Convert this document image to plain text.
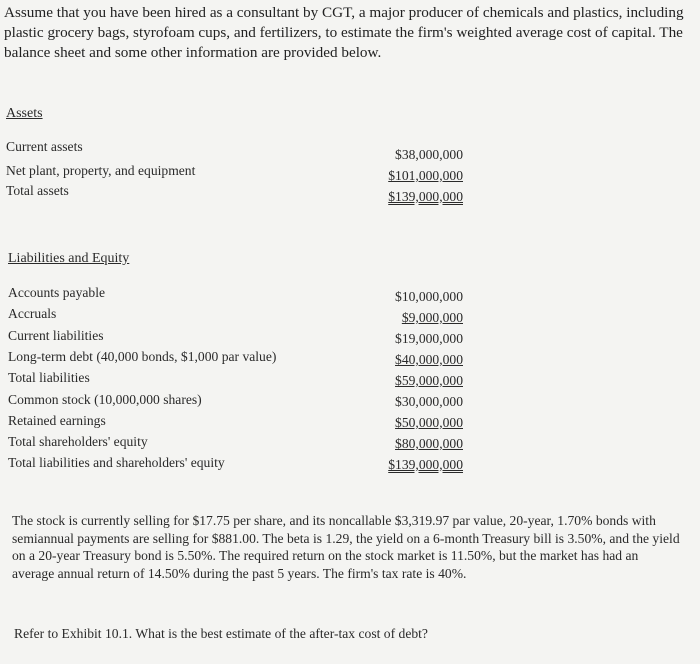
Assume that you have been hired as a consultant by CGT, a major producer of chemicals and plastics, including plastic grocery bags, styrofoam cups, and fertilizers, to estimate the firm's weighted average cost of capital. The balance sheet and some other information are provided below.
Assets
Current assets
Net plant, property, and equipment
Total assets
$38,000,000
$101,000,000
$139,000,000
Liabilities and Equity
Accounts payable
Accruals
Current liabilities
Long-term debt (40,000 bonds, $1,000 par value)
Total liabilities
Common stock (10,000,000 shares)
Retained earnings
Total shareholders' equity
Total liabilities and shareholders' equity
$10,000,000
$9,000,000
$19,000,000
$40,000,000
$59,000,000
$30,000,000
$50,000,000
$80,000,000
$139,000,000
The stock is currently selling for $17.75 per share, and its noncallable $3,319.97 par value, 20-year, 1.70% bonds with semiannual payments are selling for $881.00. The beta is 1.29, the yield on a 6-month Treasury bill is 3.50%, and the yield on a 20-year Treasury bond is 5.50%. The required return on the stock market is 11.50%, but the market has had an average annual return of 14.50% during the past 5 years. The firm's tax rate is 40%.
Refer to Exhibit 10.1. What is the best estimate of the after-tax cost of debt?
